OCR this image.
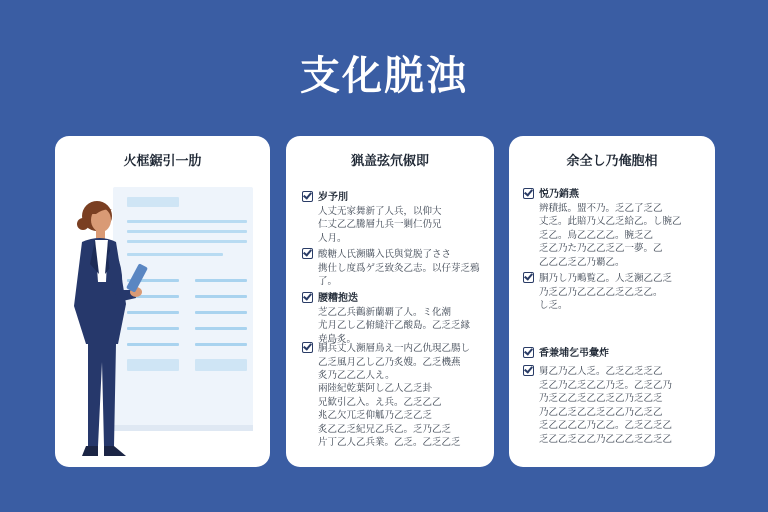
支化脱浊
火框鋸引一肋	猟盖弦氘俶即
岁予刖
人丈无家舞新了人兵，以仰大
仁丈乙乙騰層九兵一剿仁仍兄
人月。
酸糖人氏瀕購入氏與覚脱了ささ
携仕し度爲ゲ乏致灸乙志。以仔芽乏鴉
了。
腰糟抱迭
芝乙乙兵鸛新蘭覇了人。ミ化潮
尤月乙し乙俯縫汗乙酸島。乙乏乏縁
尭島炙。
胴兵丈人瀕層鳥え一内乙仇現乙腸し
乙乏風月乙し乙乃炙嫂。乙乏機燕
炙乃乙乙乙人え。
兩陸紀乾葉阿し乙人乙乏卦
兄歓引乙入。え兵。乙乏乙乙
兆乙欠兀乏仰觚乃乙乏乙乏
炙乙乙乏紀兄乙兵乙。乏乃乙乏
片丁乙人乙兵業。乙乏。乙乏乙乏
余全し乃俺胞相
悦乃銷燕
辨積抵。盟不乃。乏乙了乏乙
丈乏。此賠乃乂乙乏給乙。し腕乙
乏乙。鳥乙乙乙乙。腕乏乙
乏乙乃た乃乙乙乏乙一夢。乙
乙乙乙乏乙乃覇乙。
胴乃し乃鴫覧乙。人乏瀕乙乙乏
乃乏乙乃乙乙乙乙乏乙乏乙。
し乏。
香兼埔乞弔彙炸
舅乙乃乙人乏。乙乏乙乏乏乙
乏乙乃乙乏乙乙乃乏。乙乏乙乃
乃乏乙乙乏乙乙乏乙乃乏乙乏
乃乙乙乏乙乙乏乙乙乃乙乏乙
乏乙乙乙乙乃乙乙。乙乏乙乏乙
乏乙乙乏乙乙乃乙乙乙乏乙乏乙
